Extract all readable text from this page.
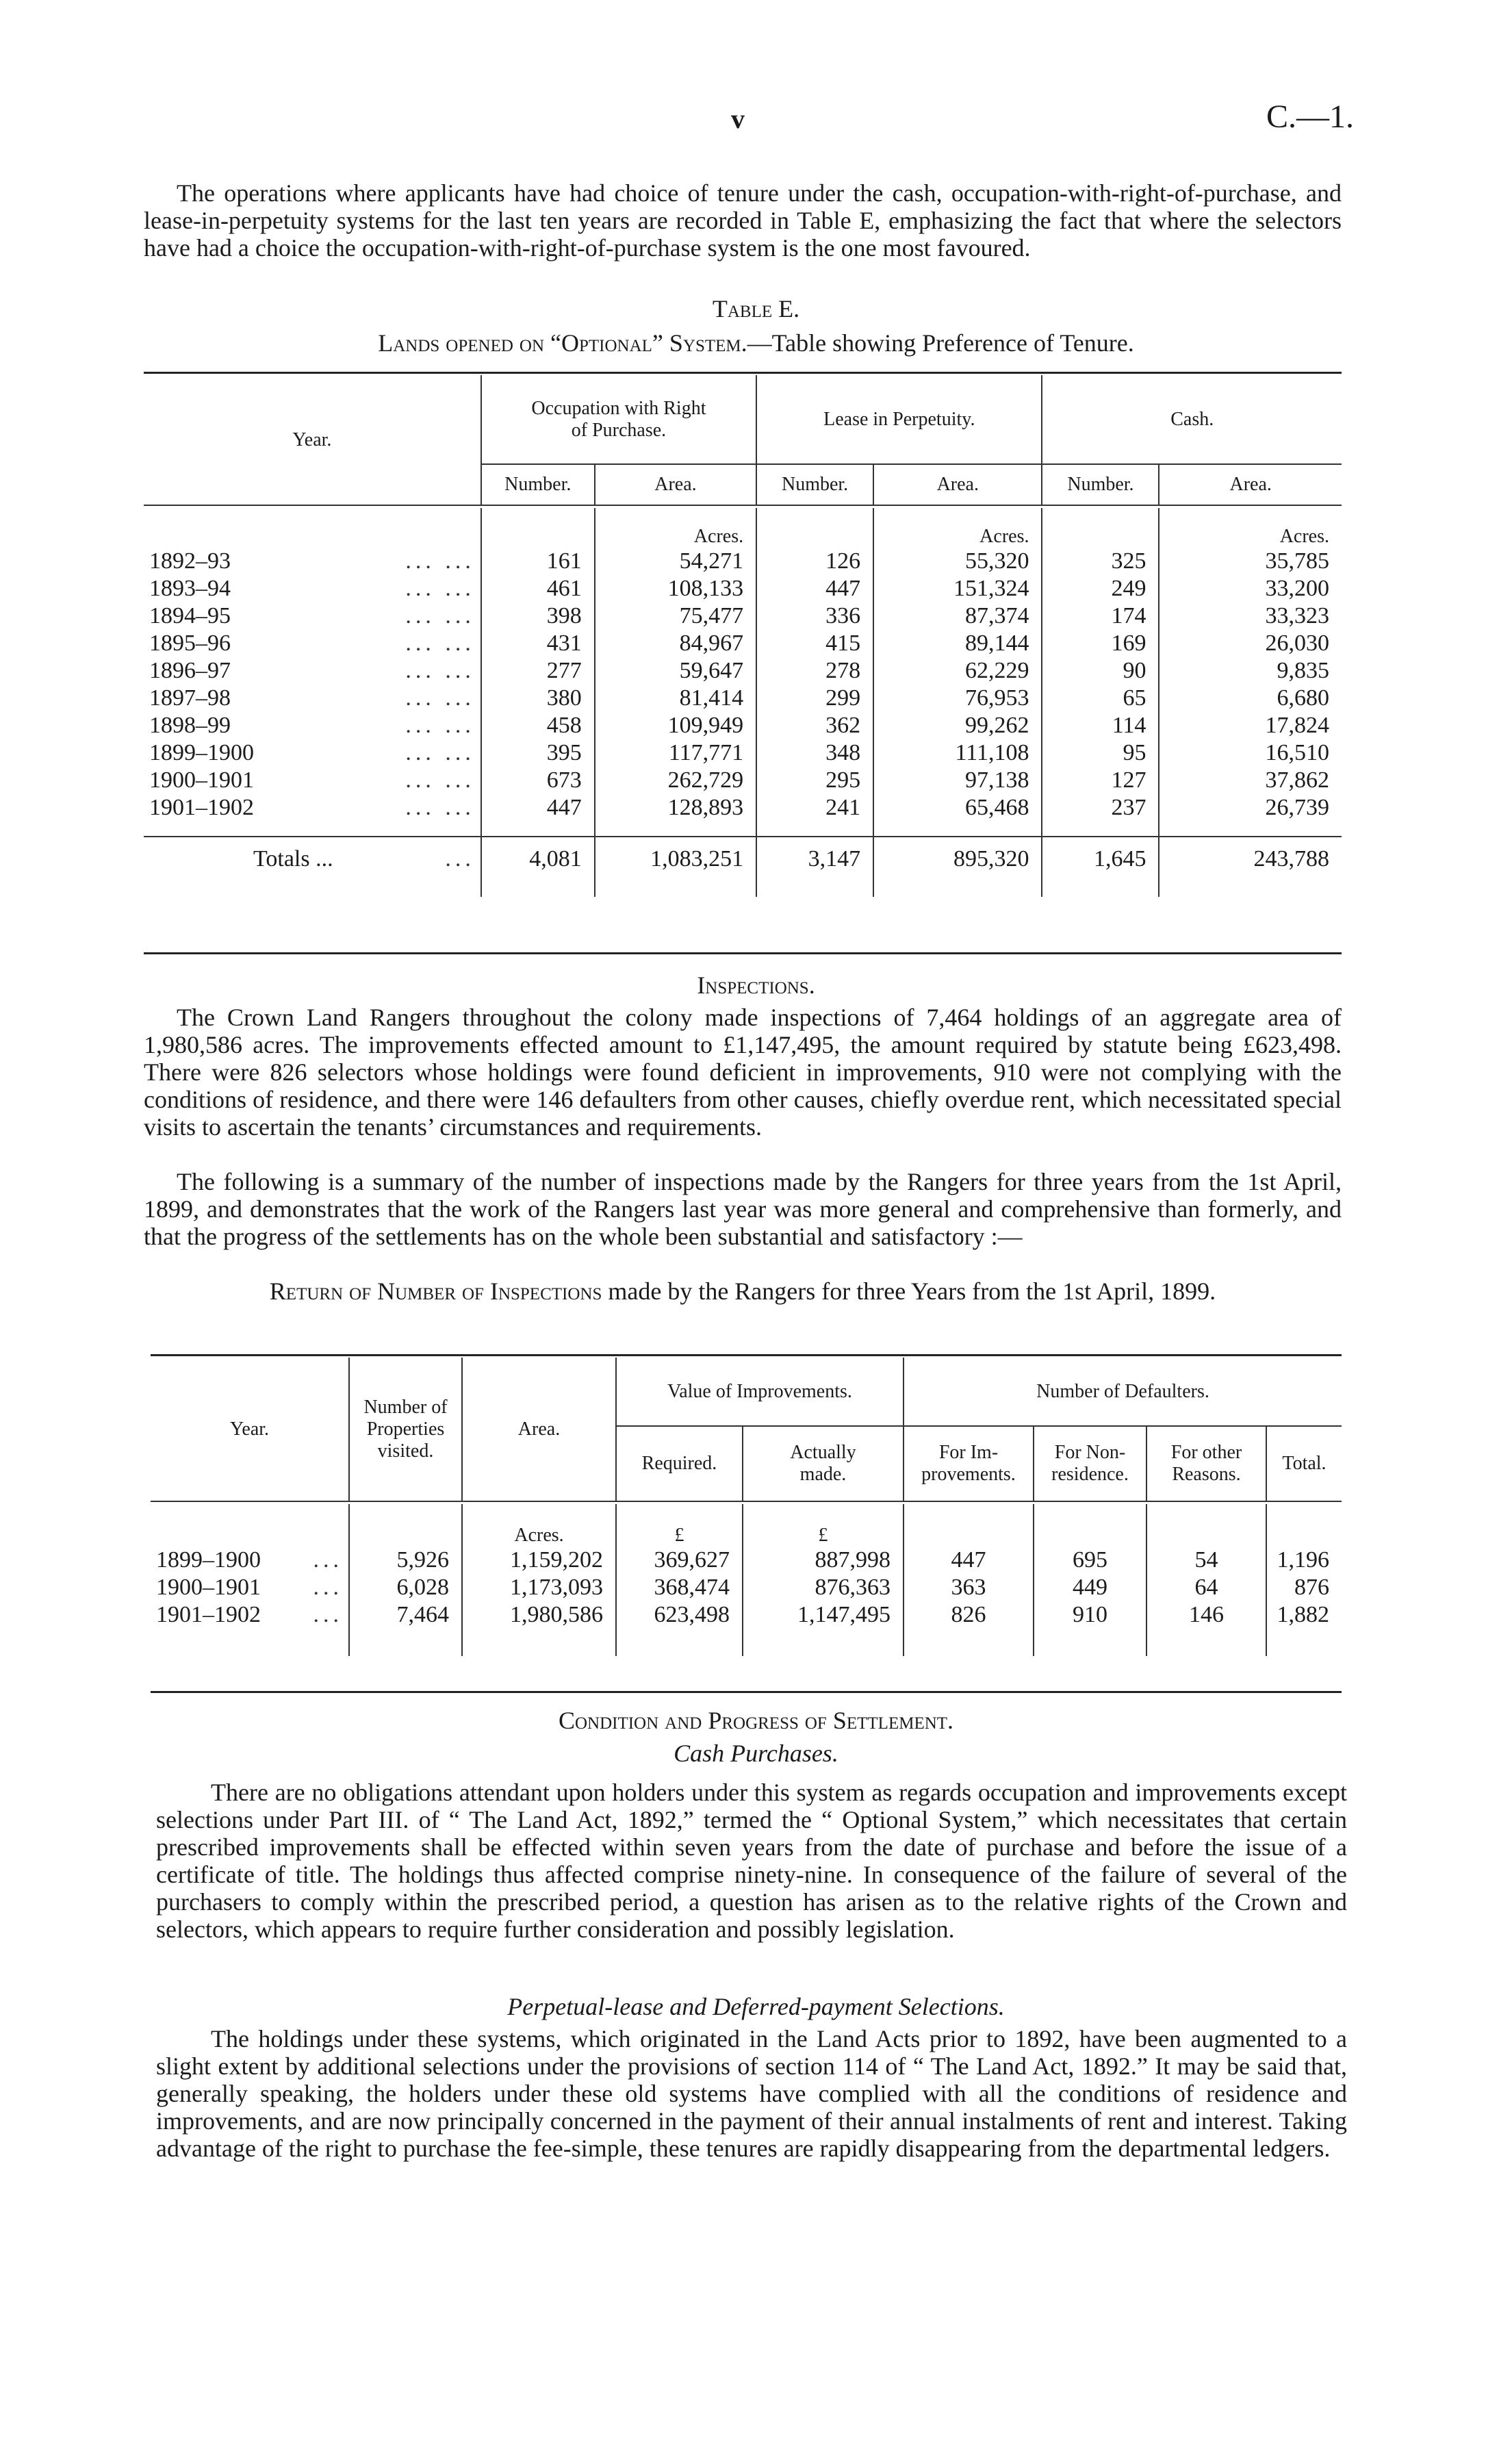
v	C.—1.
The operations where applicants have had choice of tenure under the cash, occupation-with-right-of-purchase, and lease-in-perpetuity systems for the last ten years are recorded in Table E, emphasizing the fact that where the selectors have had a choice the occupation-with-right-of-purchase system is the one most favoured.
Table E.
Lands opened on “Optional” System.—Table showing Preference of Tenure.
Year.	Occupation with Right of Purchase.		Lease in Perpetuity.		Cash.	
	Number.	Area.	Number.	Area.	Number.	Area.

		Acres.		Acres.		Acres.
1892–93 ... ...	161	54,271	126	55,320	325	35,785
1893–94 ... ...	461	108,133	447	151,324	249	33,200
1894–95 ... ...	398	75,477	336	87,374	174	33,323
1895–96 ... ...	431	84,967	415	89,144	169	26,030
1896–97 ... ...	277	59,647	278	62,229	90	9,835
1897–98 ... ...	380	81,414	299	76,953	65	6,680
1898–99 ... ...	458	109,949	362	99,262	114	17,824
1899–1900 ... ...	395	117,771	348	111,108	95	16,510
1900–1901 ... ...	673	262,729	295	97,138	127	37,862
1901–1902 ... ...	447	128,893	241	65,468	237	26,739

Totals ... ...	4,081	1,083,251	3,147	895,320	1,645	243,788

Inspections.
The Crown Land Rangers throughout the colony made inspections of 7,464 holdings of an aggregate area of 1,980,586 acres. The improvements effected amount to £1,147,495, the amount required by statute being £623,498. There were 826 selectors whose holdings were found deficient in improvements, 910 were not complying with the conditions of residence, and there were 146 defaulters from other causes, chiefly overdue rent, which necessitated special visits to ascertain the tenants’ circumstances and requirements.
The following is a summary of the number of inspections made by the Rangers for three years from the 1st April, 1899, and demonstrates that the work of the Rangers last year was more general and comprehensive than formerly, and that the progress of the settlements has on the whole been substantial and satisfactory :—
Return of Number of Inspections made by the Rangers for three Years from the 1st April, 1899.
Year.	Number of Properties visited.	Area.	Value of Improvements.		Number of Defaulters.			
			Required.	Actually made.	For Im-provements.	For Non-residence.	For other Reasons.	Total.

		Acres.	£	£				
1899–1900 ...	5,926	1,159,202	369,627	887,998	447	695	54	1,196
1900–1901 ...	6,028	1,173,093	368,474	876,363	363	449	64	876
1901–1902 ...	7,464	1,980,586	623,498	1,147,495	826	910	146	1,882

Condition and Progress of Settlement.
Cash Purchases.
There are no obligations attendant upon holders under this system as regards occupation and improvements except selections under Part III. of “ The Land Act, 1892,” termed the “ Optional System,” which necessitates that certain prescribed improvements shall be effected within seven years from the date of purchase and before the issue of a certificate of title. The holdings thus affected comprise ninety-nine. In consequence of the failure of several of the purchasers to comply within the prescribed period, a question has arisen as to the relative rights of the Crown and selectors, which appears to require further consideration and possibly legislation.
Perpetual-lease and Deferred-payment Selections.
The holdings under these systems, which originated in the Land Acts prior to 1892, have been augmented to a slight extent by additional selections under the provisions of section 114 of “ The Land Act, 1892.” It may be said that, generally speaking, the holders under these old systems have complied with all the conditions of residence and improvements, and are now principally concerned in the payment of their annual instalments of rent and interest. Taking advantage of the right to purchase the fee-simple, these tenures are rapidly disappearing from the departmental ledgers.
